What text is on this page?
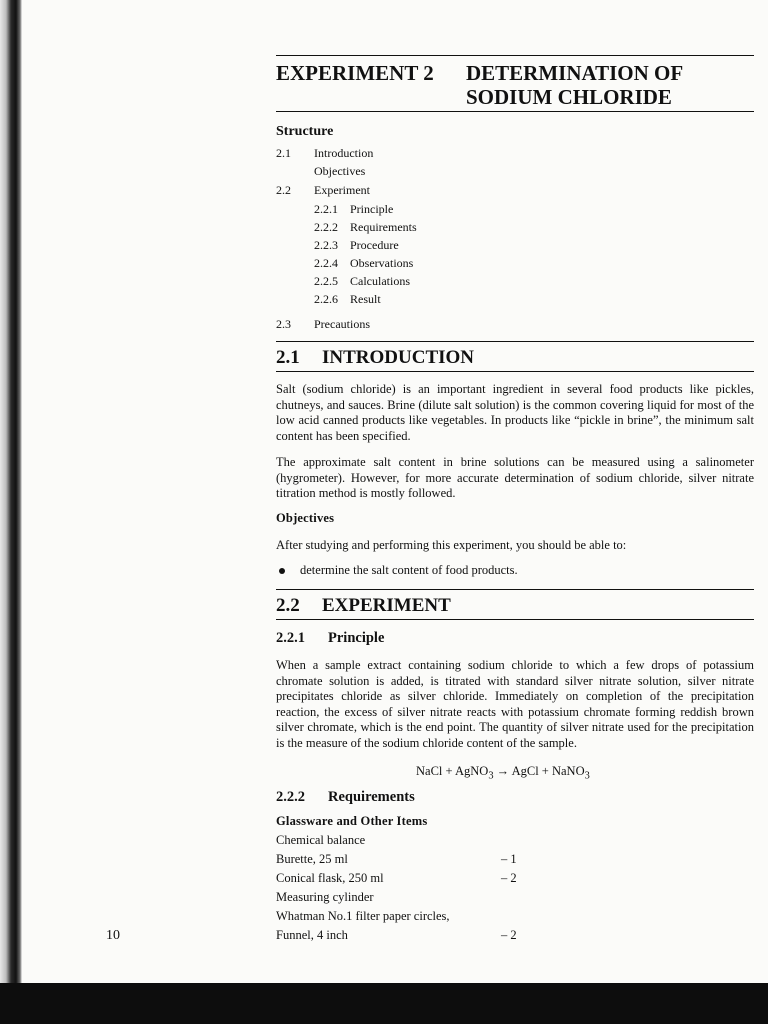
10
EXPERIMENT 2 DETERMINATION OF
SODIUM CHLORIDE
Structure
2.1 Introduction
Objectives
2.2 Experiment
2.2.1 Principle
2.2.2 Requirements
2.2.3 Procedure
2.2.4 Observations
2.2.5 Calculations
2.2.6 Result
2.3 Precautions
2.1 INTRODUCTION
Salt (sodium chloride) is an important ingredient in several food products like pickles, chutneys, and sauces. Brine (dilute salt solution) is the common covering liquid for most of the low acid canned products like vegetables. In products like “pickle in brine”, the minimum salt content has been specified.
The approximate salt content in brine solutions can be measured using a salinometer (hygrometer). However, for more accurate determination of sodium chloride, silver nitrate titration method is mostly followed.
Objectives
After studying and performing this experiment, you should be able to:
determine the salt content of food products.
2.2 EXPERIMENT
2.2.1 Principle
When a sample extract containing sodium chloride to which a few drops of potassium chromate solution is added, is titrated with standard silver nitrate solution, silver nitrate precipitates chloride as silver chloride. Immediately on completion of the precipitation reaction, the excess of silver nitrate reacts with potassium chromate forming reddish brown silver chromate, which is the end point. The quantity of silver nitrate used for the precipitation is the measure of the sodium chloride content of the sample.
NaCl + AgNO$_3$ → AgCl + NaNO$_3$
2.2.2 Requirements
Glassware and Other Items
Chemical balance
Burette, 25 ml	– 1
Conical flask, 250 ml	– 2
Measuring cylinder
Whatman No.1 filter paper circles,
Funnel, 4 inch	– 2
